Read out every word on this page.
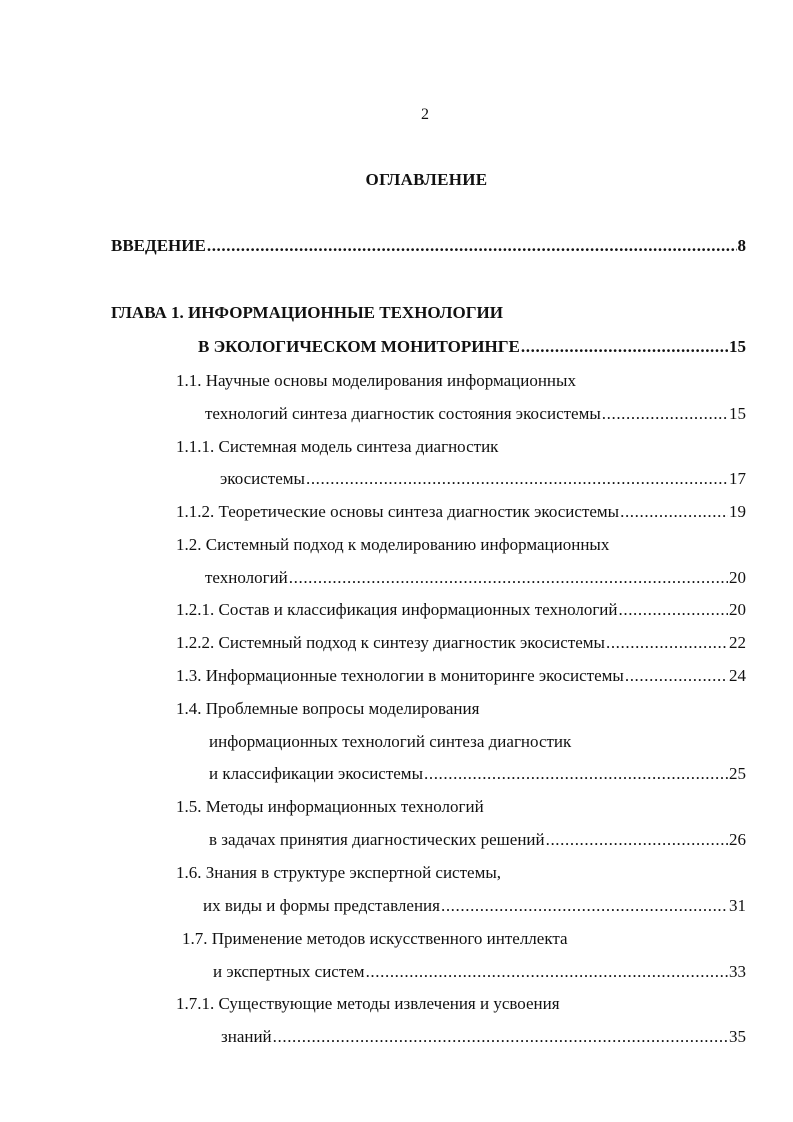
2
ОГЛАВЛЕНИЕ
ВВЕДЕНИЕ .....	8
ГЛАВА 1. ИНФОРМАЦИОННЫЕ ТЕХНОЛОГИИ
В ЭКОЛОГИЧЕСКОМ МОНИТОРИНГЕ .....	15
1.1. Научные основы моделирования информационных
технологий синтеза диагностик состояния экосистемы .....	15
1.1.1. Системная модель синтеза диагностик
экосистемы .....	17
1.1.2. Теоретические основы синтеза диагностик экосистемы .....	19
1.2. Системный подход к моделированию информационных
технологий .....	20
1.2.1. Состав и классификация информационных технологий .....	20
1.2.2. Системный подход к синтезу диагностик экосистемы .....	22
1.3. Информационные технологии в мониторинге экосистемы .....	24
1.4. Проблемные вопросы моделирования
информационных технологий синтеза диагностик
и классификации экосистемы .....	25
1.5. Методы информационных технологий
в задачах принятия диагностических решений .....	26
1.6. Знания в структуре экспертной системы,
их виды и формы представления .....	31
1.7. Применение методов искусственного интеллекта
и экспертных систем .....	33
1.7.1. Существующие методы извлечения и усвоения
знаний .....	35
